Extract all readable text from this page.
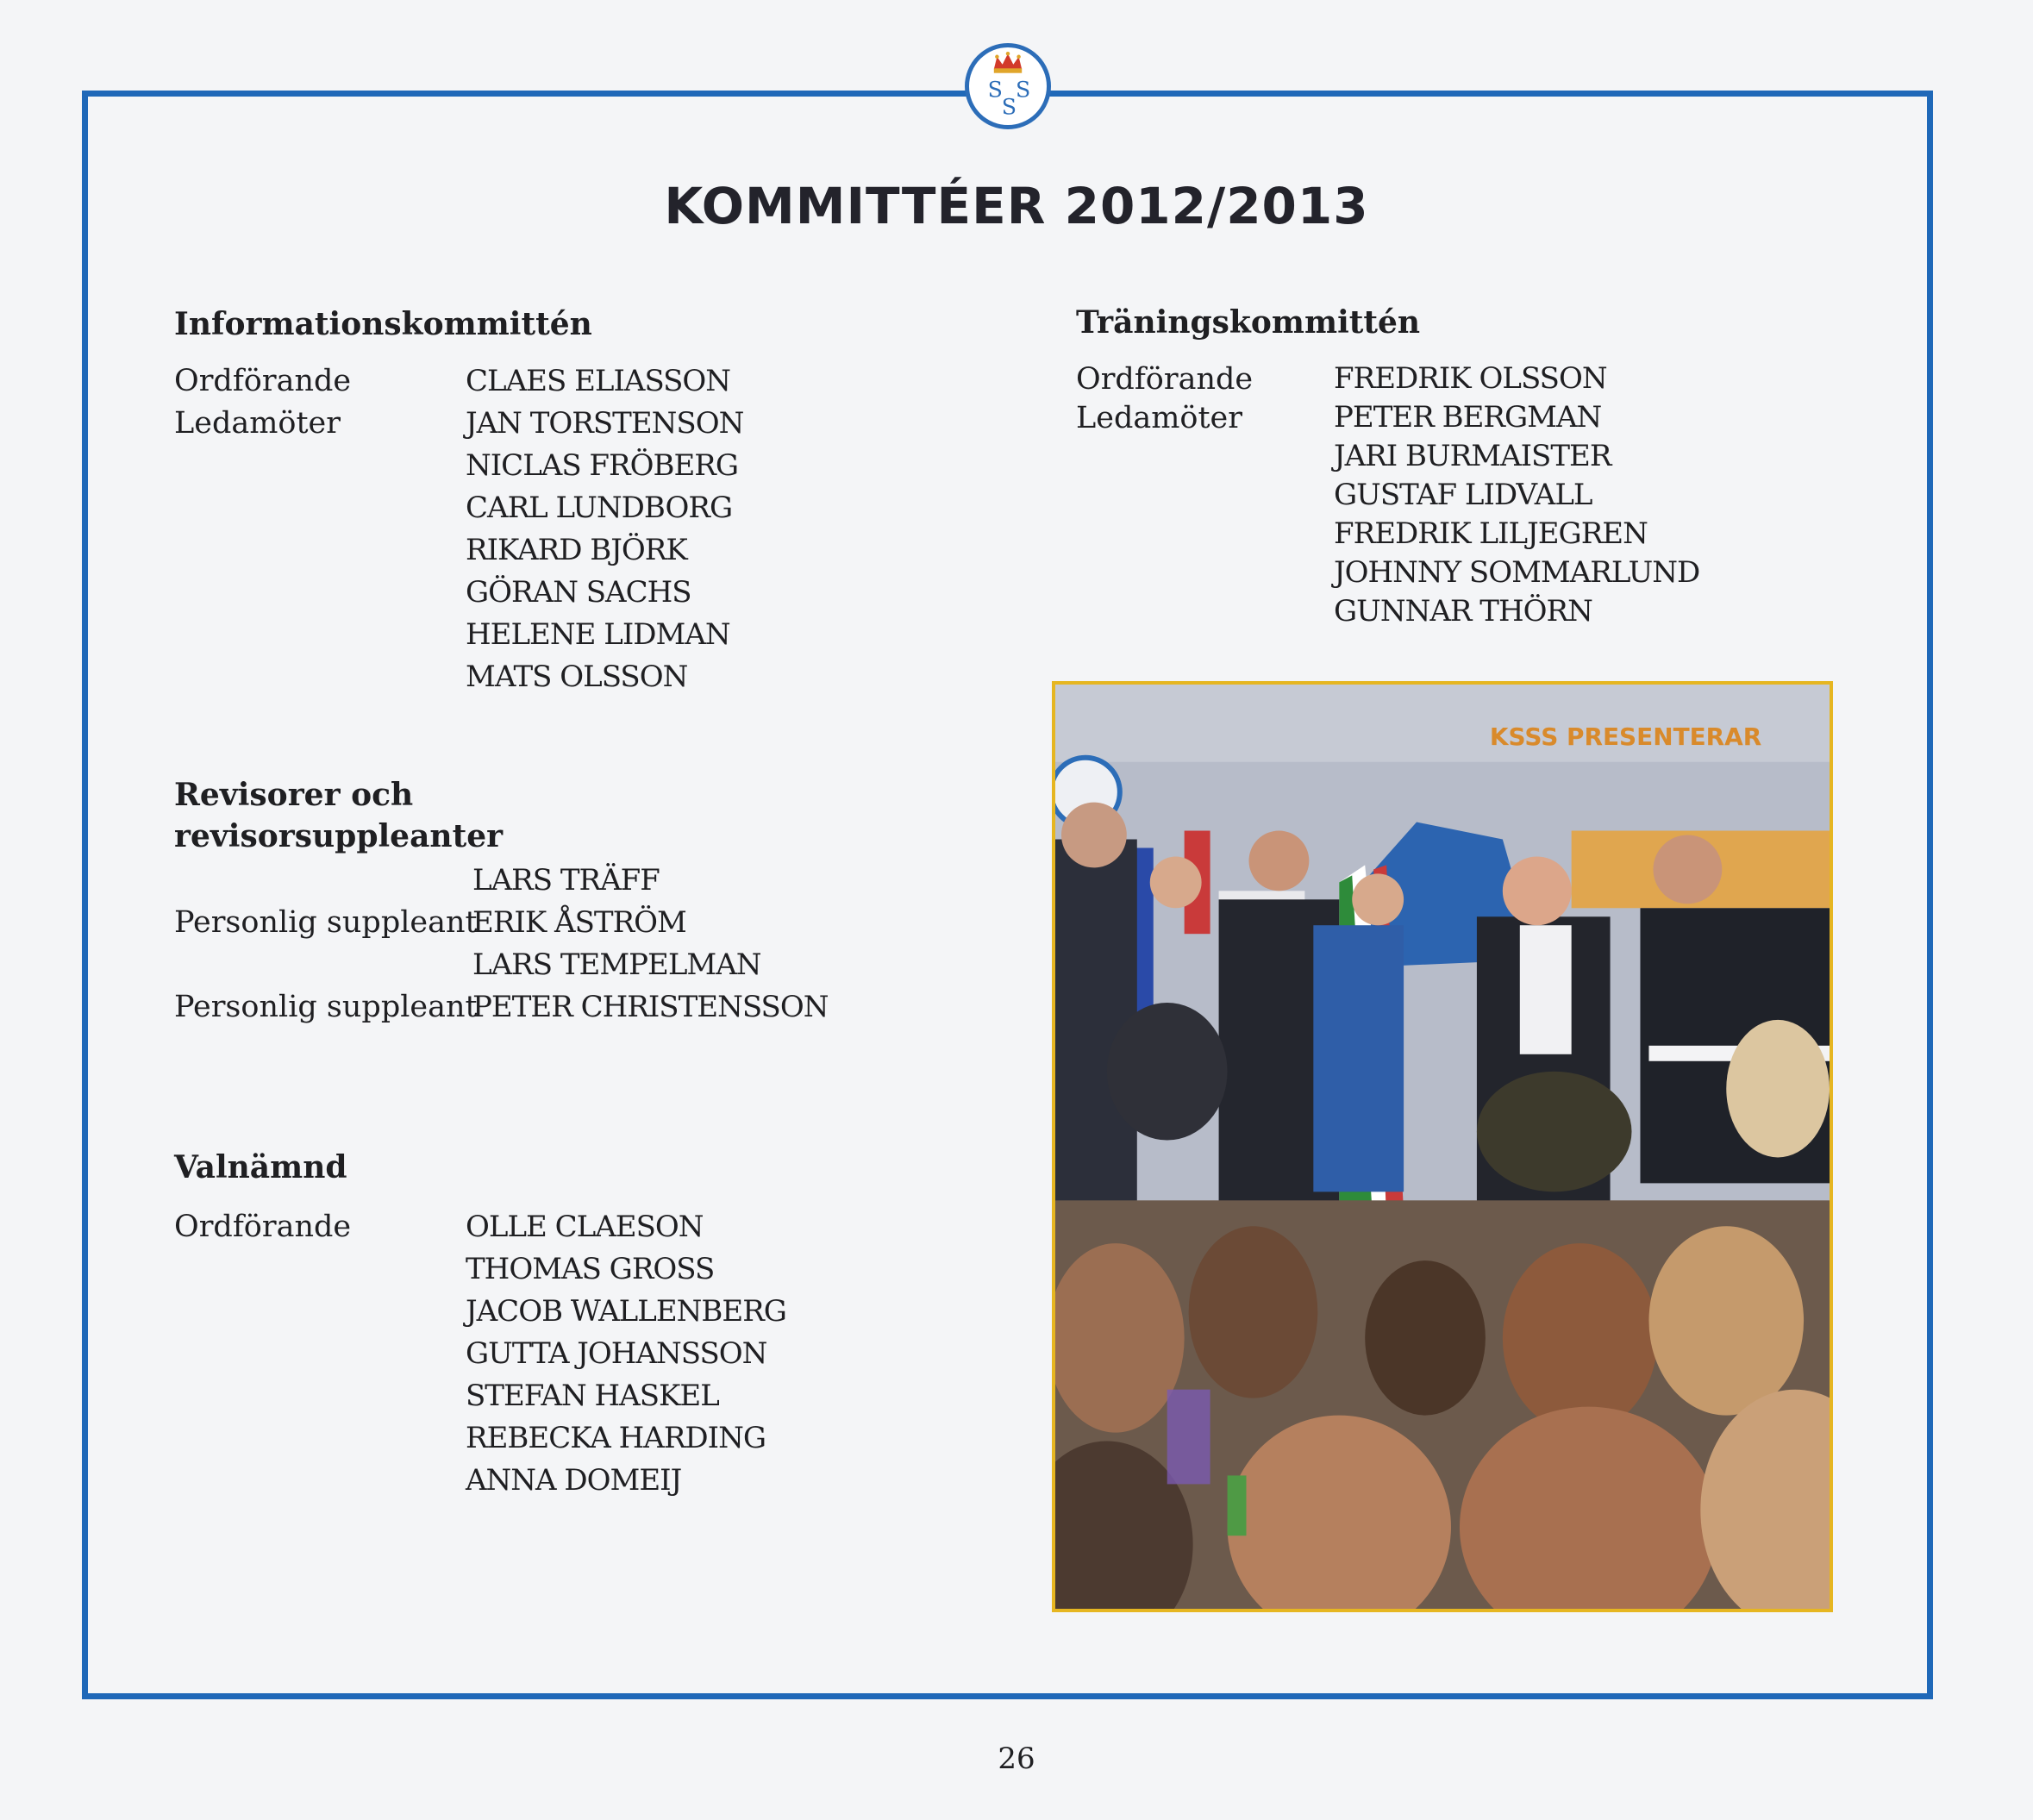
S S
S
KOMMITTÉER 2012/2013
Informationskommittén
Ordförande
Ledamöter
CLAES ELIASSON
JAN TORSTENSON
NICLAS FRÖBERG
CARL LUNDBORG
RIKARD BJÖRK
GÖRAN SACHS
HELENE LIDMAN
MATS OLSSON
Revisorer och
revisorsuppleanter
Personlig suppleant
Personlig suppleant
LARS TRÄFF
ERIK ÅSTRÖM
LARS TEMPELMAN
PETER CHRISTENSSON
Valnämnd
Ordförande	OLLE CLAESON
THOMAS GROSS
JACOB WALLENBERG
GUTTA JOHANSSON
STEFAN HASKEL
REBECKA HARDING
ANNA DOMEIJ
Träningskommittén
Ordförande
Ledamöter
FREDRIK OLSSON
PETER BERGMAN
JARI BURMAISTER
GUSTAF LIDVALL
FREDRIK LILJEGREN
JOHNNY SOMMARLUND
GUNNAR THÖRN
KSSS PRESENTERAR
26
